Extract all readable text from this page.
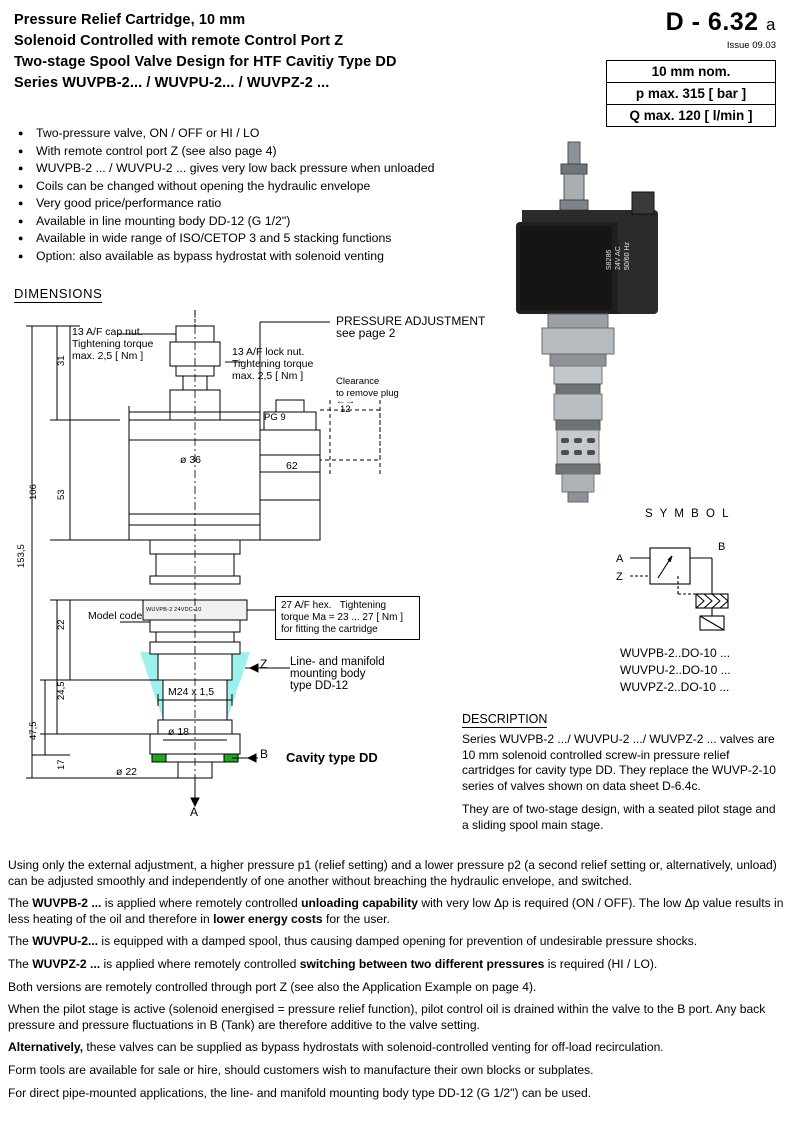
Pressure Relief Cartridge, 10 mm
Solenoid Controlled with remote Control Port Z
Two-stage Spool Valve Design for HTF Cavitiy Type DD
Series WUVPB-2... / WUVPU-2... / WUVPZ-2 ...
D - 6.32 a
Issue 09.03
10 mm nom.
p max. 315 [ bar ]
Q max. 120 [ l/min ]
● Two-pressure valve, ON / OFF or HI / LO
● With remote control port Z (see also page 4)
● WUVPB-2 ... / WUVPU-2 ... gives very low back pressure when unloaded
● Coils can be changed without opening the hydraulic envelope
● Very good price/performance ratio
● Available in line mounting body DD-12 (G 1/2")
● Available in wide range of ISO/CETOP 3 and 5 stacking functions
● Option: also available as bypass hydrostat with solenoid venting
DIMENSIONS
13 A/F cap nut.
Tightening torque
max. 2,5 [ Nm ]	13 A/F lock nut.
Tightening torque
max. 2,5 [ Nm ]
PRESSURE ADJUSTMENT
see page 2
Clearance
to remove plug
12
←→
PG 9
ø 36	62
M24 x 1,5
ø 18
ø 22
31
106 53
153,5
22
24,5
47,5
17
27 A/F hex.   Tightening
torque Ma = 23 ... 27 [ Nm ]
for fitting the cartridge
Model code WUVPB-2 24VDC-10
Line- and manifold
mounting body
type DD-12
Cavity type DD
Z
B
A
24V AC 50/60 Hz
S8286
S Y M B O L
A
B
Z
WUVPB-2..DO-10 ...
WUVPU-2..DO-10 ...
WUVPZ-2..DO-10 ...
DESCRIPTION

Series WUVPB-2 .../ WUVPU-2 .../ WUVPZ-2 ... valves are 10 mm solenoid controlled screw-in pressure relief cartridges for cavity type DD. They replace the WUVP-2-10 series of valves shown on data sheet D-6.4c.

They are of two-stage design, with a seated pilot stage and a sliding spool main stage.

Using only the external adjustment, a higher pressure p1 (relief setting) and a lower pressure p2 (a second relief setting or, alternatively, unload) can be adjusted smoothly and independently of one another without breaching the hydraulic envelope, and switched.

The WUVPB-2 ... is applied where remotely controlled unloading capability with very low Δp is required (ON / OFF). The low Δp value results in less heating of the oil and therefore in lower energy costs for the user.

The WUVPU-2... is equipped with a damped spool, thus causing damped opening for prevention of undesirable pressure shocks.

The WUVPZ-2 ... is applied where remotely controlled switching between two different pressures is required (HI / LO).

Both versions are remotely controlled through port Z (see also the Application Example on page 4).

When the pilot stage is active (solenoid energised = pressure relief function), pilot control oil is drained within the valve to the B port. Any back pressure and pressure fluctuations in B (Tank) are therefore additive to the valve setting.

Alternatively, these valves can be supplied as bypass hydrostats with solenoid-controlled venting for off-load recirculation.

Form tools are available for sale or hire, should customers wish to manufacture their own blocks or subplates.

For direct pipe-mounted applications, the line- and manifold mounting body type DD-12 (G 1/2") can be used.
